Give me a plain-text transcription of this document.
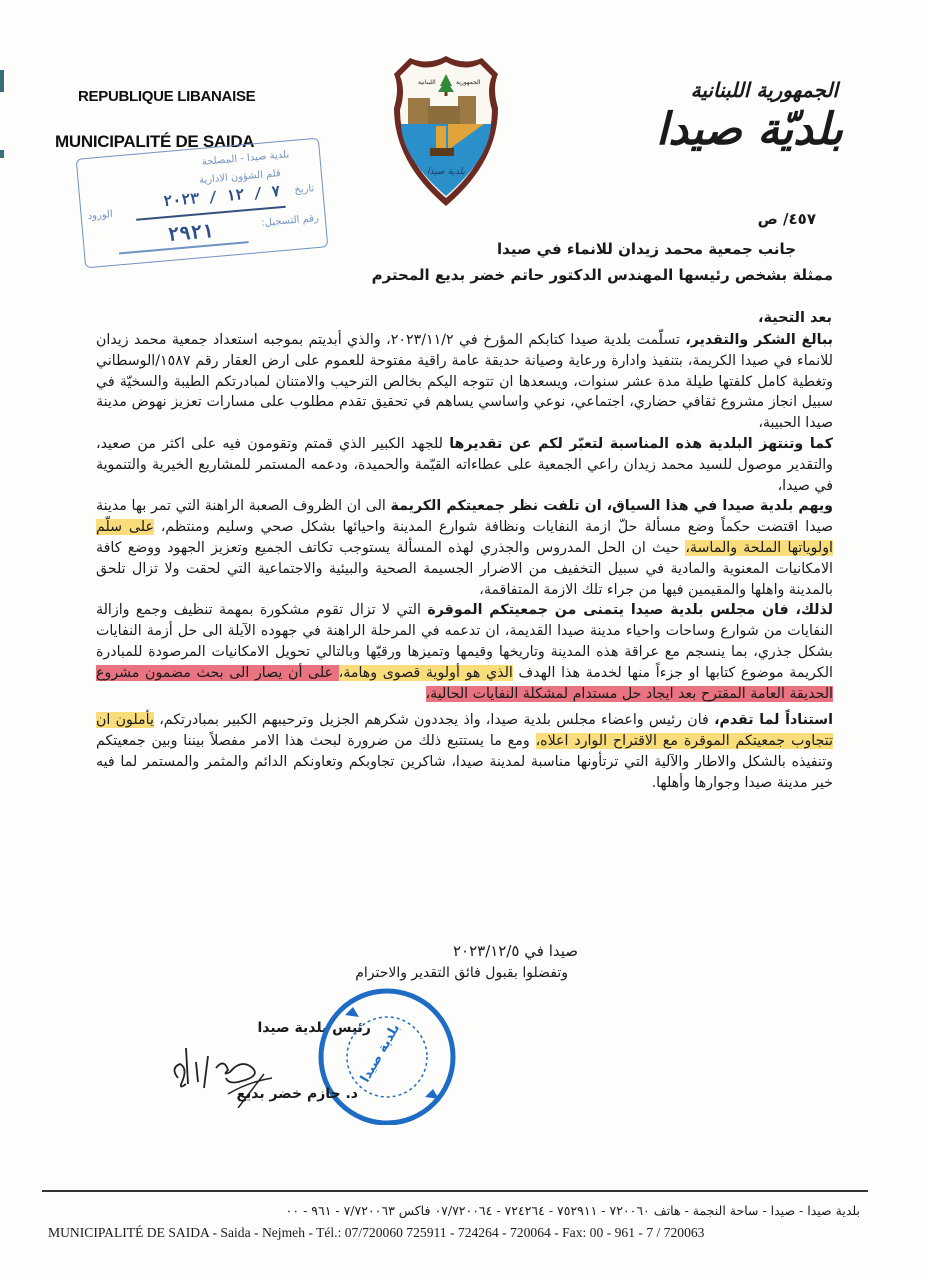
REPUBLIQUE LIBANAISE
MUNICIPALITÉ DE SAIDA
اللبنانية	الجمهورية
بلدية صيدا
الجمهورية اللبنانية
بلديّة صيدا
٤٥٧/ ص
بلدية صيدا - المصلحة
قلم الشؤون الادارية
تاريخ
٧ / ١٢ / ٢٠٢٣
الورود	رقم التسجيل:
٢٩٢١
جانب جمعية محمد زيدان للانماء في صيدا
ممثلة بشخص رئيسها المهندس الدكتور حاتم خضر بديع المحترم
بعد التحية،

ببالغ الشكر والتقدير، تسلّمت بلدية صيدا كتابكم المؤرخ في ٢٠٢٣/١١/٢، والذي أبديتم بموجبه استعداد جمعية محمد زيدان للانماء في صيدا الكريمة، بتنفيذ وادارة ورعاية وصيانة حديقة عامة راقية مفتوحة للعموم على ارض العقار رقم ١٥٨٧/الوسطاني وتغطية كامل كلفتها طيلة مدة عشر سنوات، ويسعدها ان تتوجه اليكم بخالص الترحيب والامتنان لمبادرتكم الطيبة والسخيّة في سبيل انجاز مشروع ثقافي حضاري، اجتماعي، نوعي واساسي يساهم في تحقيق تقدم مطلوب على مسارات تعزيز نهوض مدينة صيدا الحبيبة،

كما وتنتهز البلدية هذه المناسبة لتعبّر لكم عن تقديرها للجهد الكبير الذي قمتم وتقومون فيه على اكثر من صعيد، والتقدير موصول للسيد محمد زيدان راعي الجمعية على عطاءاته القيّمة والحميدة، ودعمه المستمر للمشاريع الخيرية والتنموية في صيدا،

ويهم بلدية صيدا في هذا السياق، ان تلفت نظر جمعيتكم الكريمة الى ان الظروف الصعبة الراهنة التي تمر بها مدينة صيدا اقتضت حكماً وضع مسألة حلّ ازمة النفايات ونظافة شوارع المدينة واحيائها بشكل صحي وسليم ومنتظم، على سلّم اولوياتها الملحة والماسة، حيث ان الحل المدروس والجذري لهذه المسألة يستوجب تكاتف الجميع وتعزيز الجهود ووضع كافة الامكانيات المعنوية والمادية في سبيل التخفيف من الاضرار الجسيمة الصحية والبيئية والاجتماعية التي لحقت ولا تزال تلحق بالمدينة واهلها والمقيمين فيها من جراء تلك الازمة المتفاقمة،

لذلك، فان مجلس بلدية صيدا يتمنى من جمعيتكم الموقرة التي لا تزال تقوم مشكورة بمهمة تنظيف وجمع وازالة النفايات من شوارع وساحات واحياء مدينة صيدا القديمة، ان تدعمه في المرحلة الراهنة في جهوده الآيلة الى حل أزمة النفايات بشكل جذري، بما ينسجم مع عراقة هذه المدينة وتاريخها وقيمها وتميزها ورقيّها وبالتالي تحويل الامكانيات المرصودة للمبادرة الكريمة موضوع كتابها او جزءاً منها لخدمة هذا الهدف الذي هو أولوية قصوى وهامة، على أن يصار الى بحث مضمون مشروع الحديقة العامة المقترح بعد ايجاد حل مستدام لمشكلة النفايات الحالية،

استناداً لما تقدم، فان رئيس واعضاء مجلس بلدية صيدا، واذ يجددون شكرهم الجزيل وترحيبهم الكبير بمبادرتكم، يأملون ان تتجاوب جمعيتكم الموقرة مع الاقتراح الوارد اعلاه، ومع ما يستتبع ذلك من ضرورة لبحث هذا الامر مفصلاً بيننا وبين جمعيتكم وتنفيذه بالشكل والاطار والآلية التي ترتأونها مناسبة لمدينة صيدا، شاكرين تجاوبكم وتعاونكم الدائم والمثمر والمستمر لما فيه خير مدينة صيدا وجوارها وأهلها.

صيدا في ٢٠٢٣/١٢/٥
وتفضلوا بقبول فائق التقدير والاحترام
رئيس بلدية صيدا
بلدية صيدا
د. حازم خضر بديع
بلدية صيدا - صيدا - ساحة النجمة - هاتف ٧٢٠٠٦٠ - ٧٥٢٩١١ - ٧٢٤٢٦٤ - ٠٧/٧٢٠٠٦٤ فاكس ٧/٧٢٠٠٦٣ - ٩٦١ - ٠٠
MUNICIPALITÉ DE SAIDA - Saida - Nejmeh - Tél.: 07/720060 725911 - 724264 - 720064 - Fax: 00 - 961 - 7 / 720063
